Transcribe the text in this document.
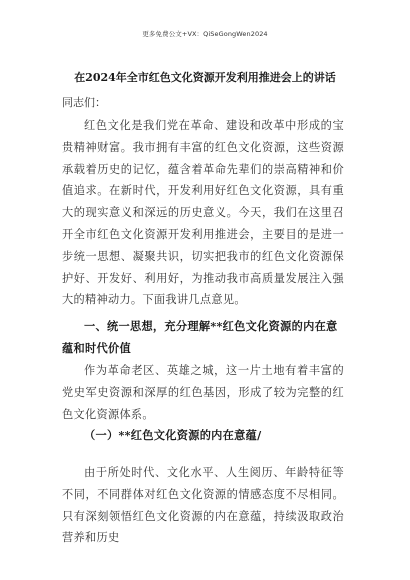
更多免费公文+VX：QiSeGongWen2024
在2024年全市红色文化资源开发利用推进会上的讲话
同志们：

红色文化是我们党在革命、建设和改革中形成的宝贵精神财富。我市拥有丰富的红色文化资源，这些资源承载着历史的记忆，蕴含着革命先辈们的崇高精神和价值追求。在新时代，开发利用好红色文化资源，具有重大的现实意义和深远的历史意义。今天，我们在这里召开全市红色文化资源开发利用推进会，主要目的是进一步统一思想、凝聚共识，切实把我市的红色文化资源保护好、开发好、利用好，为推动我市高质量发展注入强大的精神动力。下面我讲几点意见。

一、统一思想，充分理解**红色文化资源的内在意蕴和时代价值

作为革命老区、英雄之城，这一片土地有着丰富的党史军史资源和深厚的红色基因，形成了较为完整的红色文化资源体系。

（一）**红色文化资源的内在意蕴/

由于所处时代、文化水平、人生阅历、年龄特征等不同，不同群体对红色文化资源的情感态度不尽相同。只有深刻领悟红色文化资源的内在意蕴，持续汲取政治营养和历史
